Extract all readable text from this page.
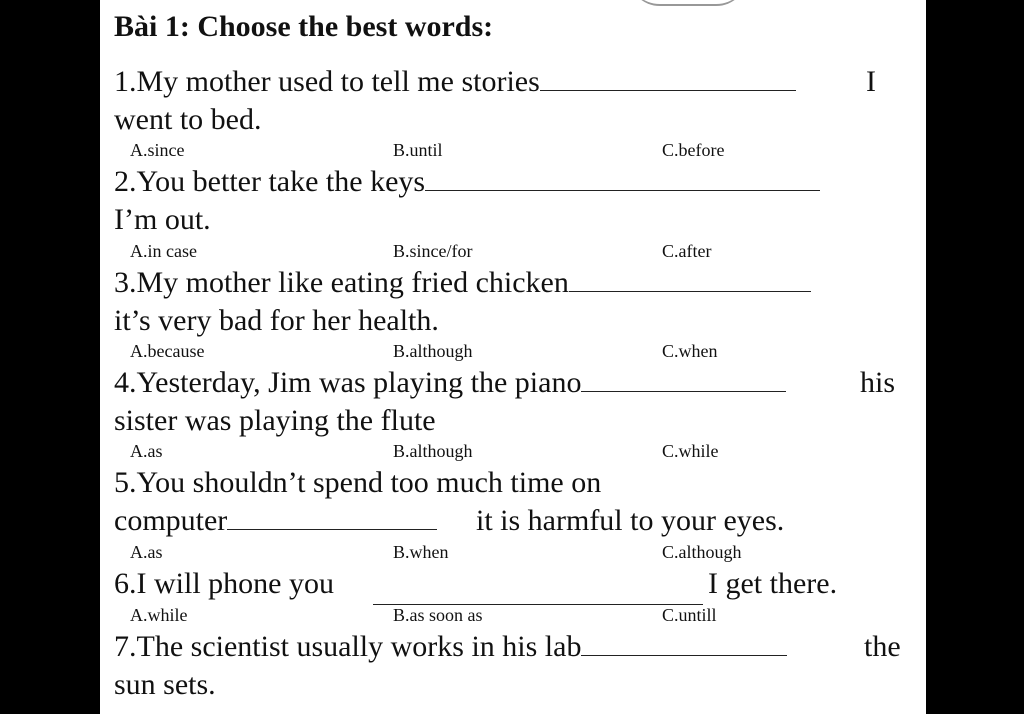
Bài 1: Choose the best words:
1.My mother used to tell me stories	I
went to bed.
A.since	B.until	C.before
2.You better take the keys
I’m out.
A.in case	B.since/for	C.after
3.My mother like eating fried chicken
it’s very bad for her health.
A.because	B.although	C.when
4.Yesterday, Jim was playing the piano	his
sister was playing the flute
A.as	B.although	C.while
5.You shouldn’t spend too much time on
computer	it is harmful to your eyes.
A.as	B.when	C.although
6.I will phone you	I get there.
A.while	B.as soon as	C.untill
7.The scientist usually works in his lab	the
sun sets.
